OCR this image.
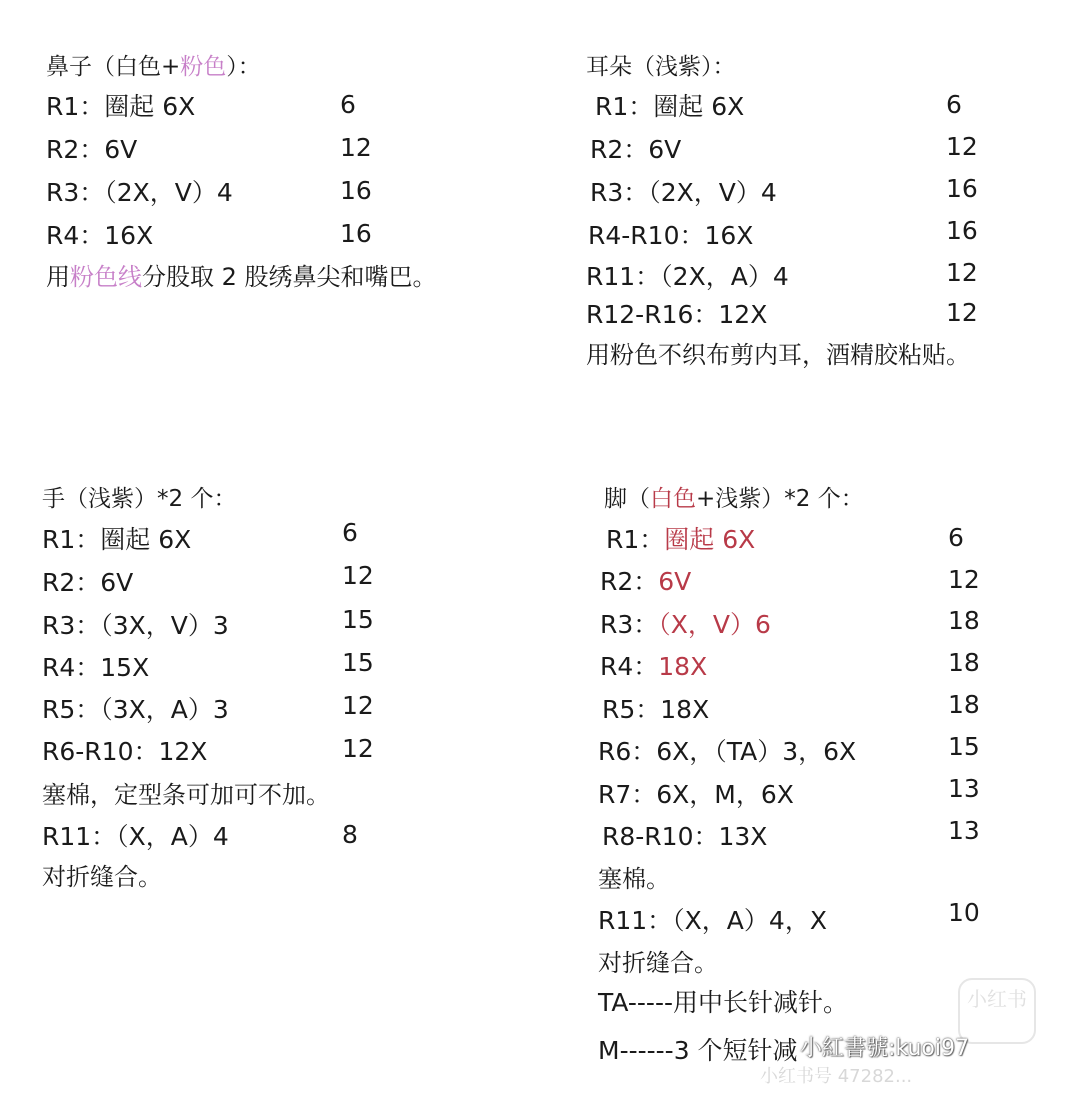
鼻子（白色+粉色）：
R1：圈起 6X	6
R2：6V	12
R3：（2X，V）4	16
R4：16X	16
用粉色线分股取 2 股绣鼻尖和嘴巴。
耳朵（浅紫）：
R1：圈起 6X	6
R2：6V	12
R3：（2X，V）4	16
R4-R10：16X	16
R11：（2X，A）4	12
R12-R16：12X	12
用粉色不织布剪内耳，酒精胶粘贴。
手（浅紫）*2 个：
R1：圈起 6X	6
R2：6V	12
R3：（3X，V）3	15
R4：15X	15
R5：（3X，A）3	12
R6-R10：12X	12
塞棉，定型条可加可不加。
R11：（X，A）4	8
对折缝合。
脚（白色+浅紫）*2 个：
R1：圈起 6X	6
R2：6V	12
R3：（X，V）6	18
R4：18X	18
R5：18X	18
R6：6X，（TA）3，6X	15
R7：6X，M，6X	13
R8-R10：13X	13
塞棉。
R11：（X，A）4，X	10
对折缝合。
TA-----用中长针减针。
M------3 个短针减
小红书
小紅書號:kuoi97
小红书号 47282...
